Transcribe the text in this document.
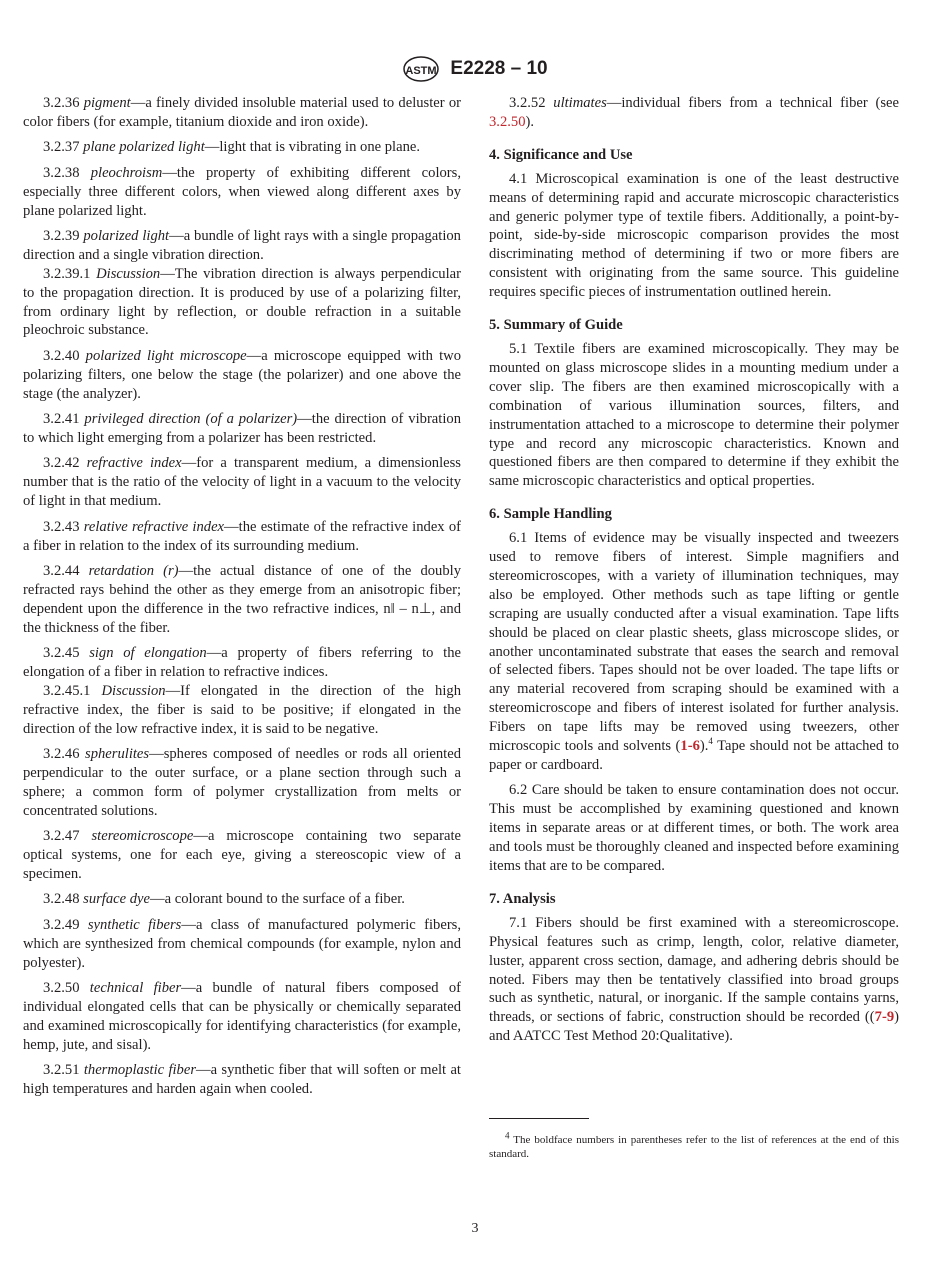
ASTM E2228 – 10

3.2.36 pigment—a finely divided insoluble material used to deluster or color fibers (for example, titanium dioxide and iron oxide).

3.2.37 plane polarized light—light that is vibrating in one plane.

3.2.38 pleochroism—the property of exhibiting different colors, especially three different colors, when viewed along different axes by plane polarized light.

3.2.39 polarized light—a bundle of light rays with a single propagation direction and a single vibration direction.

3.2.39.1 Discussion—The vibration direction is always perpendicular to the propagation direction. It is produced by use of a polarizing filter, from ordinary light by reflection, or double refraction in a suitable pleochroic substance.

3.2.40 polarized light microscope—a microscope equipped with two polarizing filters, one below the stage (the polarizer) and one above the stage (the analyzer).

3.2.41 privileged direction (of a polarizer)—the direction of vibration to which light emerging from a polarizer has been restricted.

3.2.42 refractive index—for a transparent medium, a dimensionless number that is the ratio of the velocity of light in a vacuum to the velocity of light in that medium.

3.2.43 relative refractive index—the estimate of the refractive index of a fiber in relation to the index of its surrounding medium.

3.2.44 retardation (r)—the actual distance of one of the doubly refracted rays behind the other as they emerge from an anisotropic fiber; dependent upon the difference in the two refractive indices, n‖ – n⊥, and the thickness of the fiber.

3.2.45 sign of elongation—a property of fibers referring to the elongation of a fiber in relation to refractive indices.

3.2.45.1 Discussion—If elongated in the direction of the high refractive index, the fiber is said to be positive; if elongated in the direction of the low refractive index, it is said to be negative.

3.2.46 spherulites—spheres composed of needles or rods all oriented perpendicular to the outer surface, or a plane section through such a sphere; a common form of polymer crystallization from melts or concentrated solutions.

3.2.47 stereomicroscope—a microscope containing two separate optical systems, one for each eye, giving a stereoscopic view of a specimen.

3.2.48 surface dye—a colorant bound to the surface of a fiber.

3.2.49 synthetic fibers—a class of manufactured polymeric fibers, which are synthesized from chemical compounds (for example, nylon and polyester).

3.2.50 technical fiber—a bundle of natural fibers composed of individual elongated cells that can be physically or chemically separated and examined microscopically for identifying characteristics (for example, hemp, jute, and sisal).

3.2.51 thermoplastic fiber—a synthetic fiber that will soften or melt at high temperatures and harden again when cooled.

3.2.52 ultimates—individual fibers from a technical fiber (see 3.2.50).

4. Significance and Use

4.1 Microscopical examination is one of the least destructive means of determining rapid and accurate microscopic characteristics and generic polymer type of textile fibers. Additionally, a point-by-point, side-by-side microscopic comparison provides the most discriminating method of determining if two or more fibers are consistent with originating from the same source. This guideline requires specific pieces of instrumentation outlined herein.

5. Summary of Guide

5.1 Textile fibers are examined microscopically. They may be mounted on glass microscope slides in a mounting medium under a cover slip. The fibers are then examined microscopically with a combination of various illumination sources, filters, and instrumentation attached to a microscope to determine their polymer type and record any microscopic characteristics. Known and questioned fibers are then compared to determine if they exhibit the same microscopic characteristics and optical properties.

6. Sample Handling

6.1 Items of evidence may be visually inspected and tweezers used to remove fibers of interest. Simple magnifiers and stereomicroscopes, with a variety of illumination techniques, may also be employed. Other methods such as tape lifting or gentle scraping are usually conducted after a visual examination. Tape lifts should be placed on clear plastic sheets, glass microscope slides, or another uncontaminated substrate that eases the search and removal of selected fibers. Tapes should not be over loaded. The tape lifts or any material recovered from scraping should be examined with a stereomicroscope and fibers of interest isolated for further analysis. Fibers on tape lifts may be removed using tweezers, other microscopic tools and solvents (1-6).$^4$ Tape should not be attached to paper or cardboard.

6.2 Care should be taken to ensure contamination does not occur. This must be accomplished by examining questioned and known items in separate areas or at different times, or both. The work area and tools must be thoroughly cleaned and inspected before examining items that are to be compared.

7. Analysis

7.1 Fibers should be first examined with a stereomicroscope. Physical features such as crimp, length, color, relative diameter, luster, apparent cross section, damage, and adhering debris should be noted. Fibers may then be tentatively classified into broad groups such as synthetic, natural, or inorganic. If the sample contains yarns, threads, or sections of fabric, construction should be recorded ((7-9) and AATCC Test Method 20:Qualitative).

$^4$ The boldface numbers in parentheses refer to the list of references at the end of this standard.
3
